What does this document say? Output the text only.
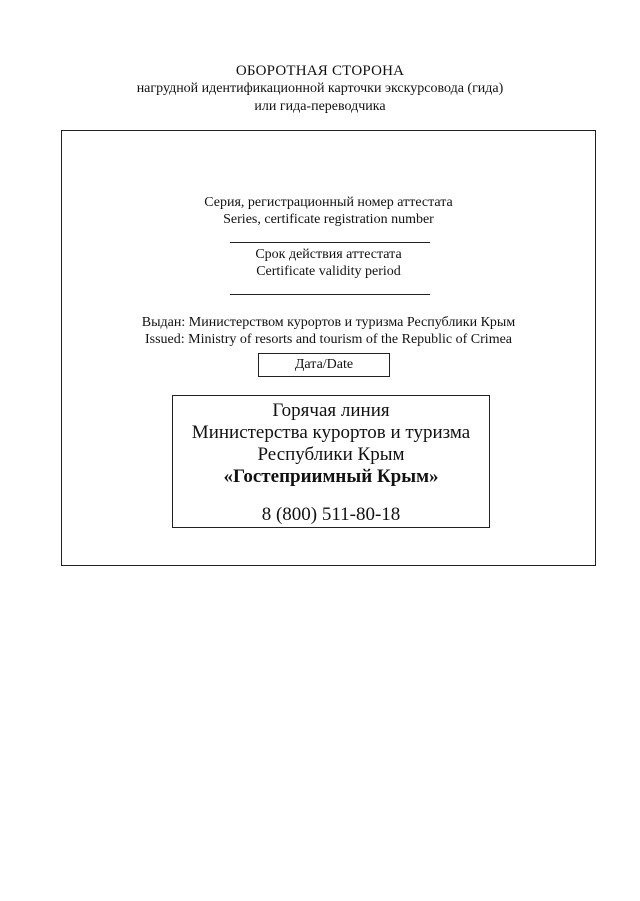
ОБОРОТНАЯ СТОРОНА
нагрудной идентификационной карточки экскурсовода (гида)
или гида-переводчика
Серия, регистрационный номер аттестата
Series, certificate registration number
Срок действия аттестата
Certificate validity period
Выдан: Министерством курортов и туризма Республики Крым
Issued: Ministry of resorts and tourism of the Republic of Crimea
Дата/Date
Горячая линия
Министерства курортов и туризма
Республики Крым
«Гостеприимный Крым»
8 (800) 511-80-18
